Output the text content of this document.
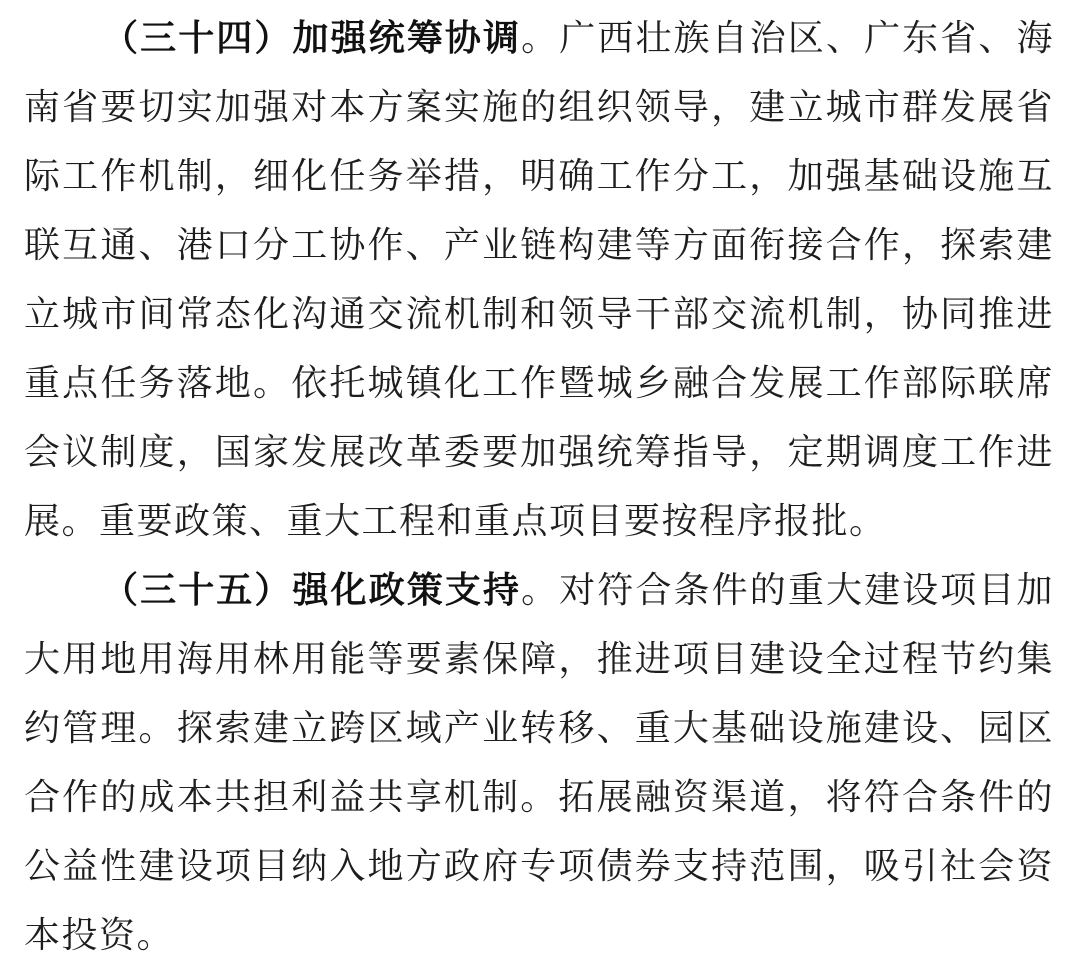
（三十四）加强统筹协调。广西壮族自治区、广东省、海南省要切实加强对本方案实施的组织领导，建立城市群发展省际工作机制，细化任务举措，明确工作分工，加强基础设施互联互通、港口分工协作、产业链构建等方面衔接合作，探索建立城市间常态化沟通交流机制和领导干部交流机制，协同推进重点任务落地。依托城镇化工作暨城乡融合发展工作部际联席会议制度，国家发展改革委要加强统筹指导，定期调度工作进展。重要政策、重大工程和重点项目要按程序报批。

（三十五）强化政策支持。对符合条件的重大建设项目加大用地用海用林用能等要素保障，推进项目建设全过程节约集约管理。探索建立跨区域产业转移、重大基础设施建设、园区合作的成本共担利益共享机制。拓展融资渠道，将符合条件的公益性建设项目纳入地方政府专项债券支持范围，吸引社会资本投资。
